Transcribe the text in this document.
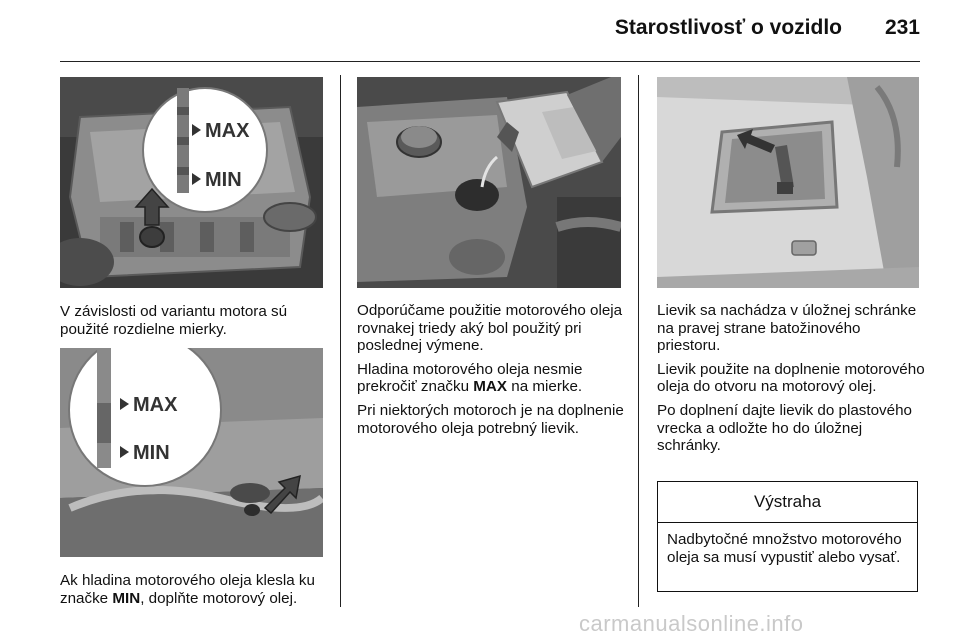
Starostlivosť o vozidlo 231
MAX
MIN

V závislosti od variantu motora sú použité rozdielne mierky.

MAX
MIN

Ak hladina motorového oleja klesla ku značke MIN, doplňte motorový olej.

Odporúčame použitie motorového oleja rovnakej triedy aký bol použitý pri poslednej výmene.

Hladina motorového oleja nesmie prekročiť značku MAX na mierke.

Pri niektorých motoroch je na doplnenie motorového oleja potrebný lievik.

Lievik sa nachádza v úložnej schránke na pravej strane batožinového priestoru.

Lievik použite na doplnenie motorového oleja do otvoru na motorový olej.

Po doplnení dajte lievik do plastového vrecka a odložte ho do úložnej schránky.

Výstraha
Nadbytočné množstvo motorového oleja sa musí vypustiť alebo vysať.
carmanualsonline.info
